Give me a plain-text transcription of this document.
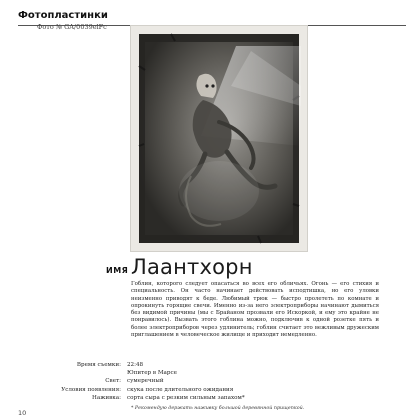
Фотопластинки
Фото № GA/0039elFc
ИМЯ Лаантхорн

Гоблин, которого следует опасаться во всех его обличьях. Огонь — его стихия и специальность. Он часто начинает действовать исподтишка, но его уловки неизменно приводят к беде. Любимый трюк — быстро пролететь по комнате и опрокинуть горящие свечи. Именно из-за него электроприборы начинают дымиться без видимой причины (мы с Брайаном прозвали его Искоркой, и ему это крайне не понравилось). Вызвать этого гоблина можно, подключив к одной розетке пять и более электроприборов через удлинитель; гоблин считает это вежливым дружеским приглашением в человеческое жилище и приходит немедленно.

Время съемки:	22:48
Юпитер в Марсе
Свет:	сумеречный
Условия появления:	скука после длительного ожидания
Наживка:	сорта сыра с резким сильным запахом*
* Рекомендую держать наживку большой деревянной прищепкой.
10
